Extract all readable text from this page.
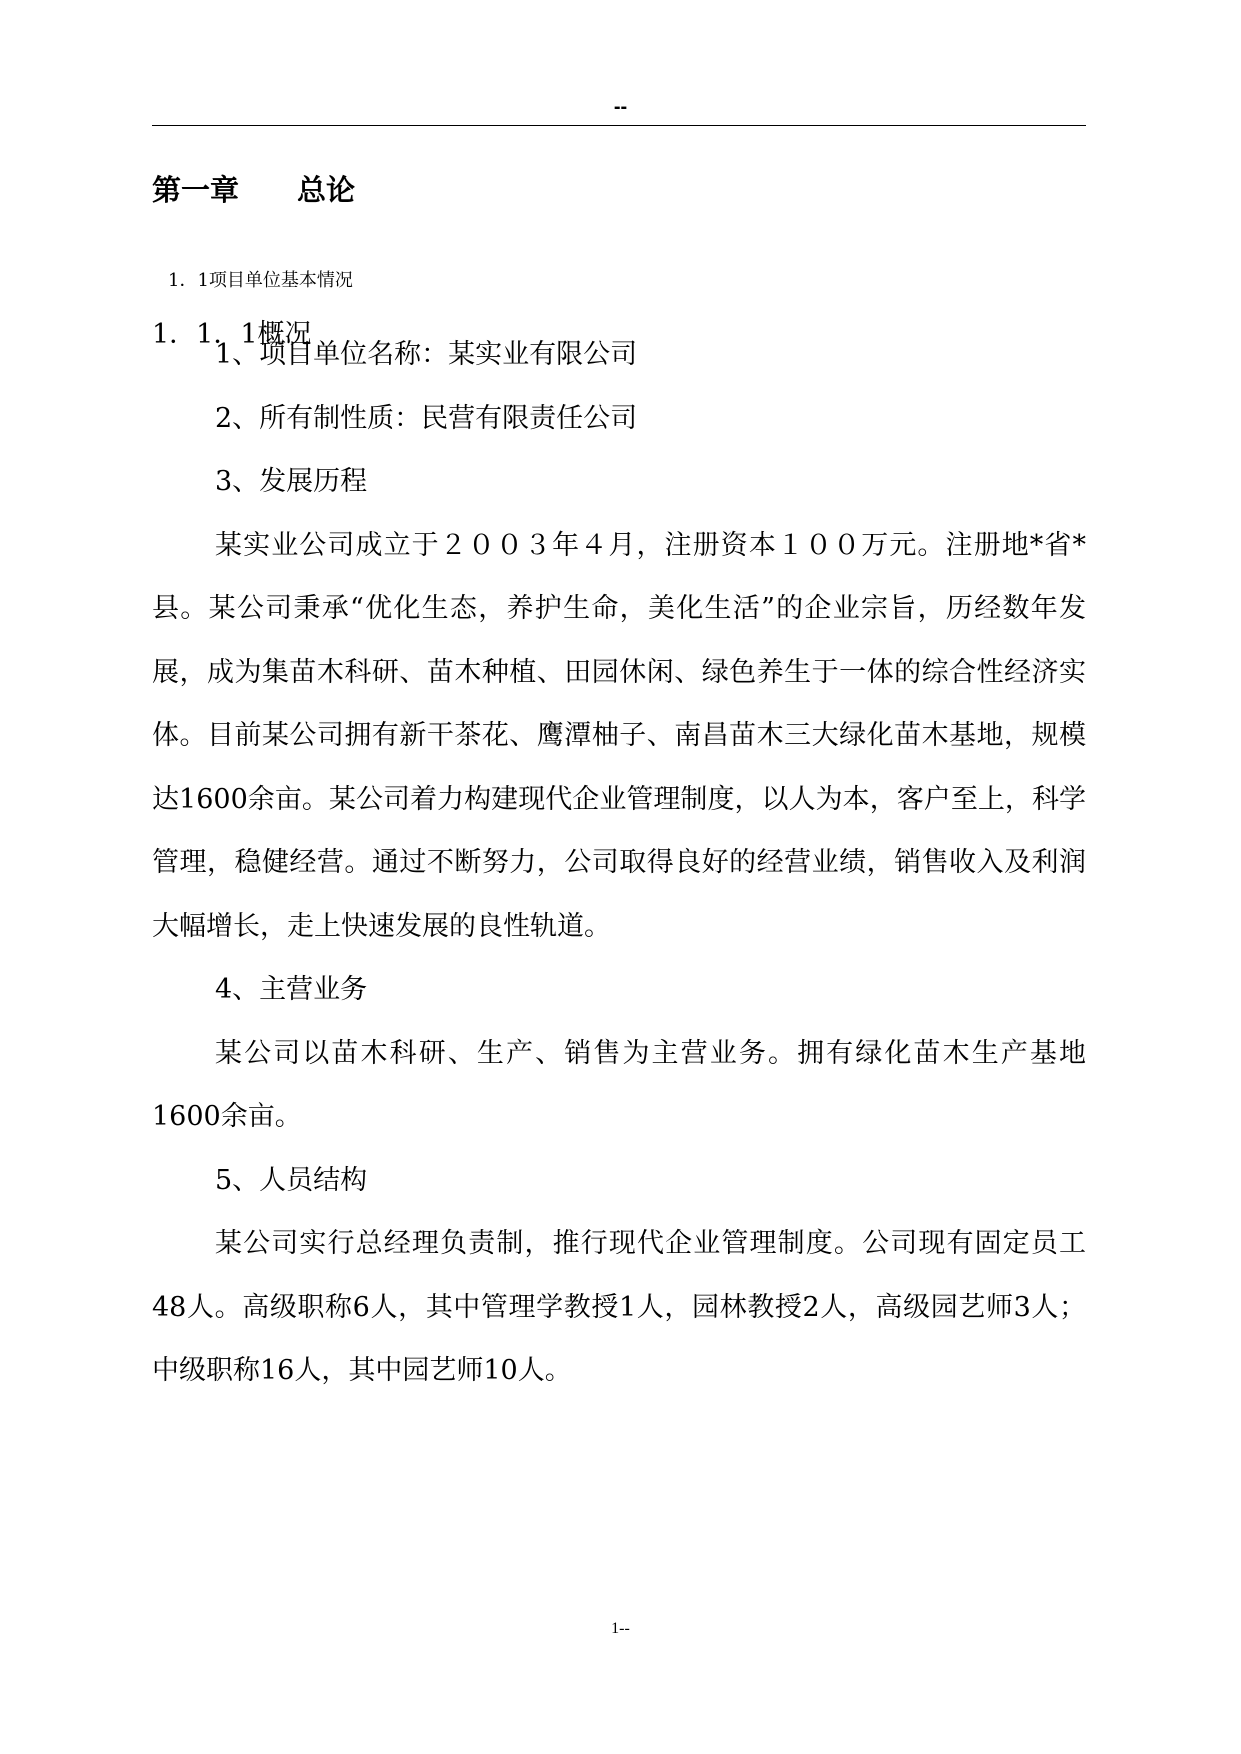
--
第一章　　总论
1．1项目单位基本情况
1．1．1概况

1、项目单位名称：某实业有限公司

2、所有制性质：民营有限责任公司

3、发展历程

某实业公司成立于２００３年４月，注册资本１００万元。注册地*省*县。某公司秉承“优化生态，养护生命，美化生活”的企业宗旨，历经数年发展，成为集苗木科研、苗木种植、田园休闲、绿色养生于一体的综合性经济实体。目前某公司拥有新干茶花、鹰潭柚子、南昌苗木三大绿化苗木基地，规模达1600余亩。某公司着力构建现代企业管理制度，以人为本，客户至上，科学管理，稳健经营。通过不断努力，公司取得良好的经营业绩，销售收入及利润大幅增长，走上快速发展的良性轨道。

4、主营业务

某公司以苗木科研、生产、销售为主营业务。拥有绿化苗木生产基地1600余亩。

5、人员结构

某公司实行总经理负责制，推行现代企业管理制度。公司现有固定员工48人。高级职称6人，其中管理学教授1人，园林教授2人，高级园艺师3人；中级职称16人，其中园艺师10人。

1--
